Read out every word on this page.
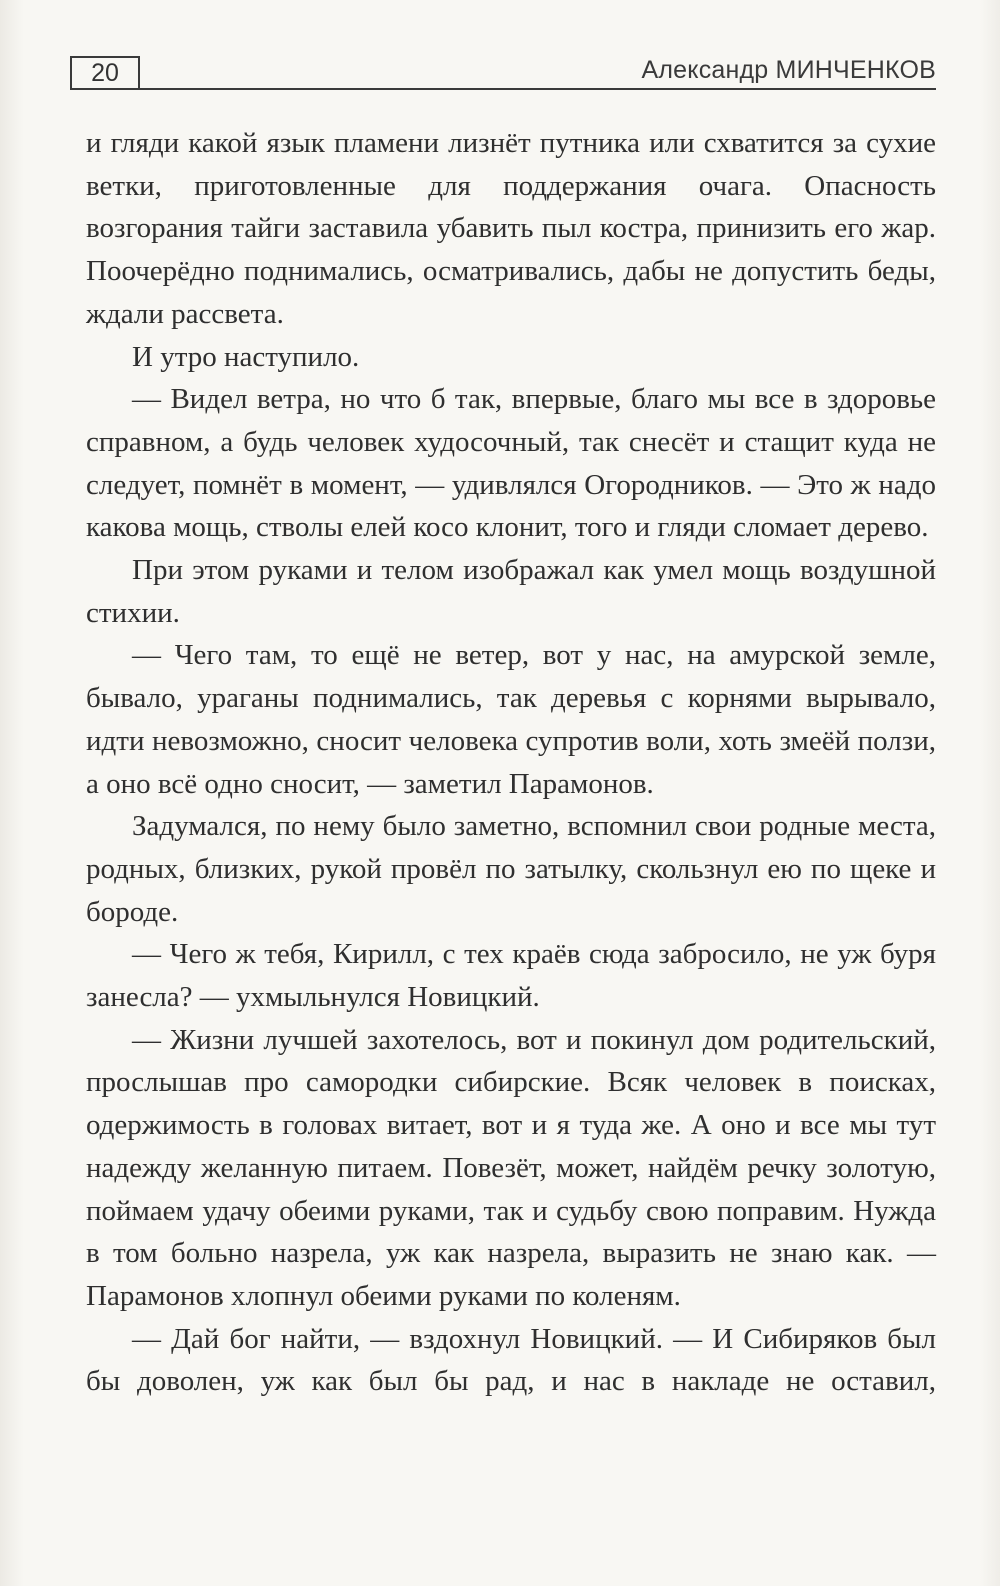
20	Александр МИНЧЕНКОВ

и гляди какой язык пламени лизнёт путника или схватится за сухие ветки, приготовленные для поддержания очага. Опасность возгорания тайги заставила убавить пыл костра, принизить его жар. Поочерёдно поднимались, осматривались, дабы не допустить беды, ждали рассвета.

И утро наступило.

— Видел ветра, но что б так, впервые, благо мы все в здоровье справном, а будь человек худосочный, так снесёт и стащит куда не следует, помнёт в момент, — удивлялся Огородников. — Это ж надо какова мощь, стволы елей косо клонит, того и гляди сломает дерево.

При этом руками и телом изображал как умел мощь воздушной стихии.

— Чего там, то ещё не ветер, вот у нас, на амурской земле, бывало, ураганы поднимались, так деревья с корнями вырывало, идти невозможно, сносит человека супротив воли, хоть змеёй ползи, а оно всё одно сносит, — заметил Парамонов.

Задумался, по нему было заметно, вспомнил свои родные места, родных, близких, рукой провёл по затылку, скользнул ею по щеке и бороде.

— Чего ж тебя, Кирилл, с тех краёв сюда забросило, не уж буря занесла? — ухмыльнулся Новицкий.

— Жизни лучшей захотелось, вот и покинул дом родительский, прослышав про самородки сибирские. Всяк человек в поисках, одержимость в головах витает, вот и я туда же. А оно и все мы тут надежду желанную питаем. Повезёт, может, найдём речку золотую, поймаем удачу обеими руками, так и судьбу свою поправим. Нужда в том больно назрела, уж как назрела, выразить не знаю как. — Парамонов хлопнул обеими руками по коленям.

— Дай бог найти, — вздохнул Новицкий. — И Сибиряков был бы доволен, уж как был бы рад, и нас в накладе не оставил,
